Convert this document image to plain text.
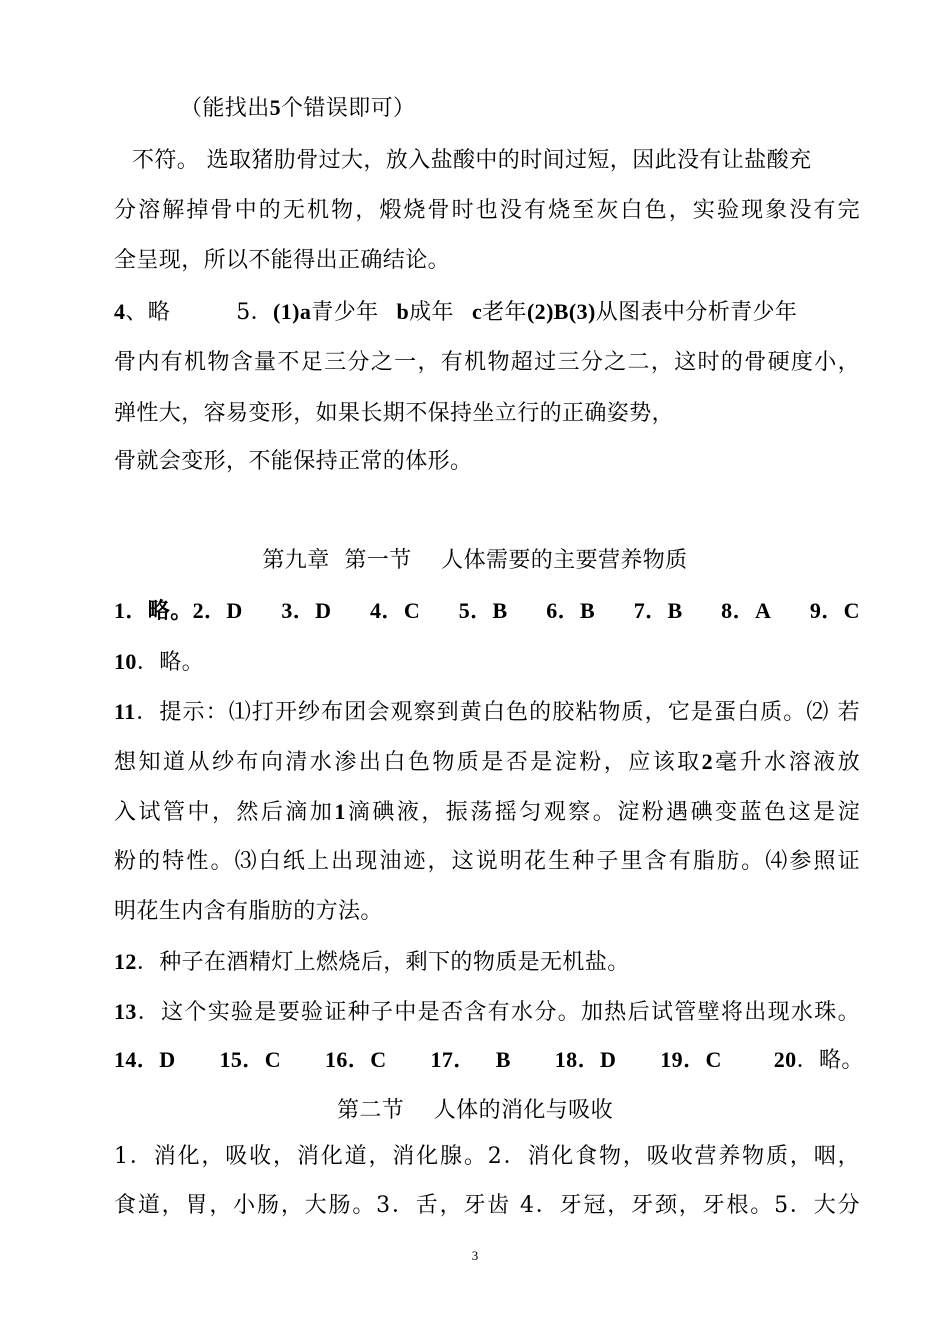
（能找出5个错误即可）
不符。 选取猪肋骨过大，放入盐酸中的时间过短，因此没有让盐酸充
分溶解掉骨中的无机物，煅烧骨时也没有烧至灰白色，实验现象没有完
全呈现，所以不能得出正确结论。
4、略	5．(1)a青少年 b成年 c老年(2)B(3)从图表中分析青少年
骨内有机物含量不足三分之一，有机物超过三分之二，这时的骨硬度小，
弹性大，容易变形，如果长期不保持坐立行的正确姿势，
骨就会变形，不能保持正常的体形。
第九章  第一节    人体需要的主要营养物质
1．略。2．D 3．D 4．C 5．B 6．B 7．B 8．A 9．C
10．略。
11．提示：⑴打开纱布团会观察到黄白色的胶粘物质，它是蛋白质。⑵ 若
想知道从纱布向清水渗出白色物质是否是淀粉，应该取2毫升水溶液放
入试管中，然后滴加1滴碘液，振荡摇匀观察。淀粉遇碘变蓝色这是淀
粉的特性。⑶白纸上出现油迹，这说明花生种子里含有脂肪。⑷参照证
明花生内含有脂肪的方法。
12．种子在酒精灯上燃烧后，剩下的物质是无机盐。
13．这个实验是要验证种子中是否含有水分。加热后试管壁将出现水珠。
14．D 15．C 16．C 17． B 18．D 19．C 20．略。
第二节    人体的消化与吸收
1．消化，吸收，消化道，消化腺。2．消化食物，吸收营养物质，咽，
食道，胃，小肠，大肠。3．舌，牙齿 4．牙冠，牙颈，牙根。5．大分
3
